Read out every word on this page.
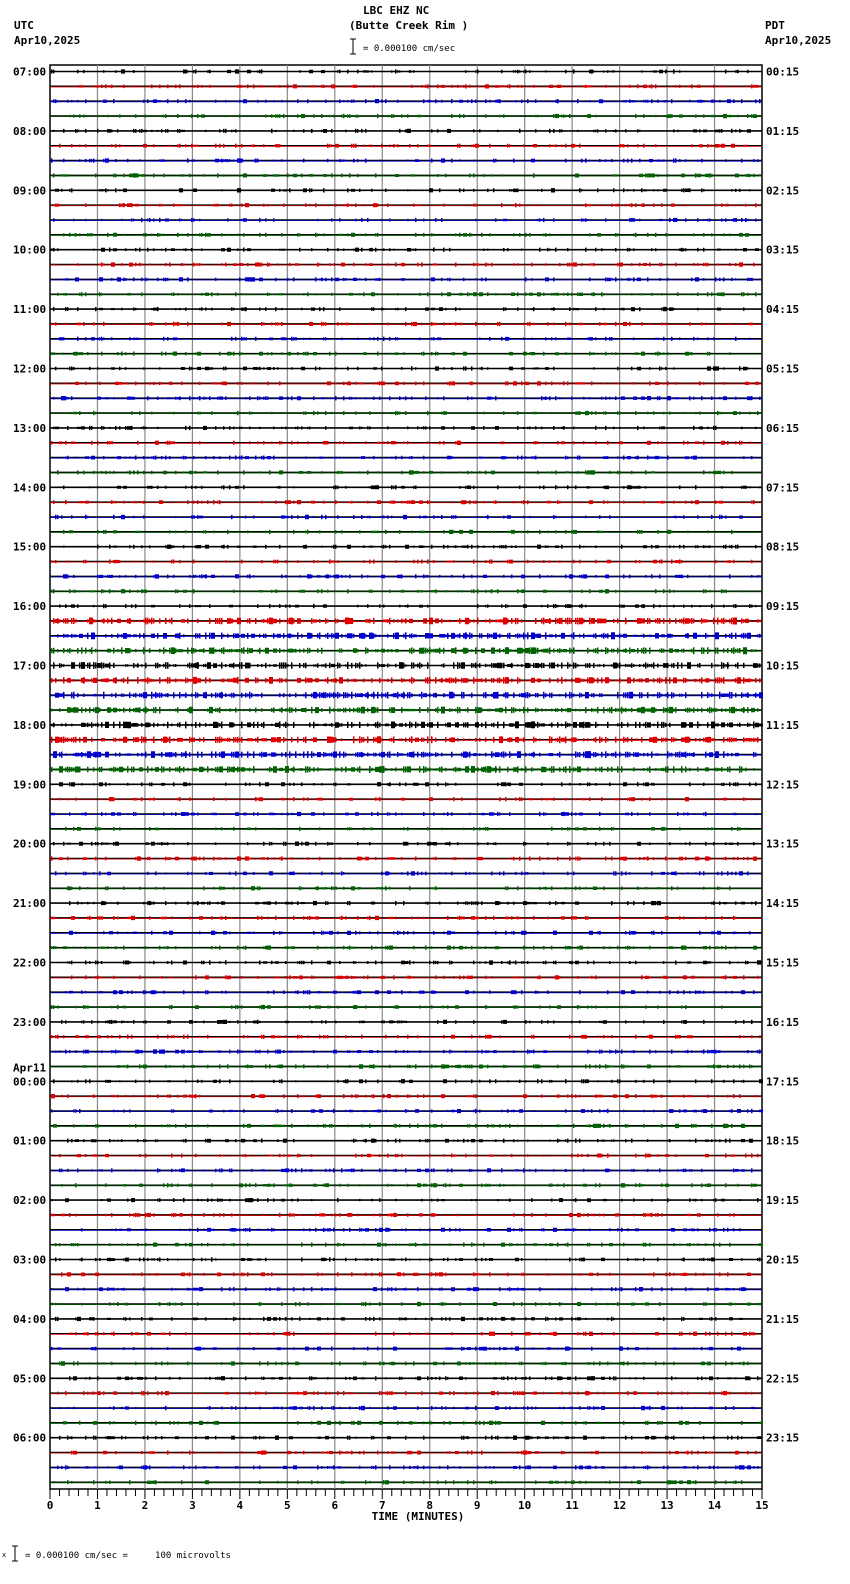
LBC EHZ NC
(Butte Creek Rim )
UTC
Apr10,2025
PDT
Apr10,2025
= 0.000100 cm/sec
07:00
08:00
09:00
10:00
11:00
12:00
13:00
14:00
15:00
16:00
17:00
18:00
19:00
20:00
21:00
22:00
23:00
00:00
01:00
02:00
03:00
04:00
05:00
06:00
Apr11
00:15
01:15
02:15
03:15
04:15
05:15
06:15
07:15
08:15
09:15
10:15
11:15
12:15
13:15
14:15
15:15
16:15
17:15
18:15
19:15
20:15
21:15
22:15
23:15
0	1	2	3	4	5	6	7	8	9	10	11	12	13	14	15
TIME (MINUTES)
x = 0.000100 cm/sec =     100 microvolts
